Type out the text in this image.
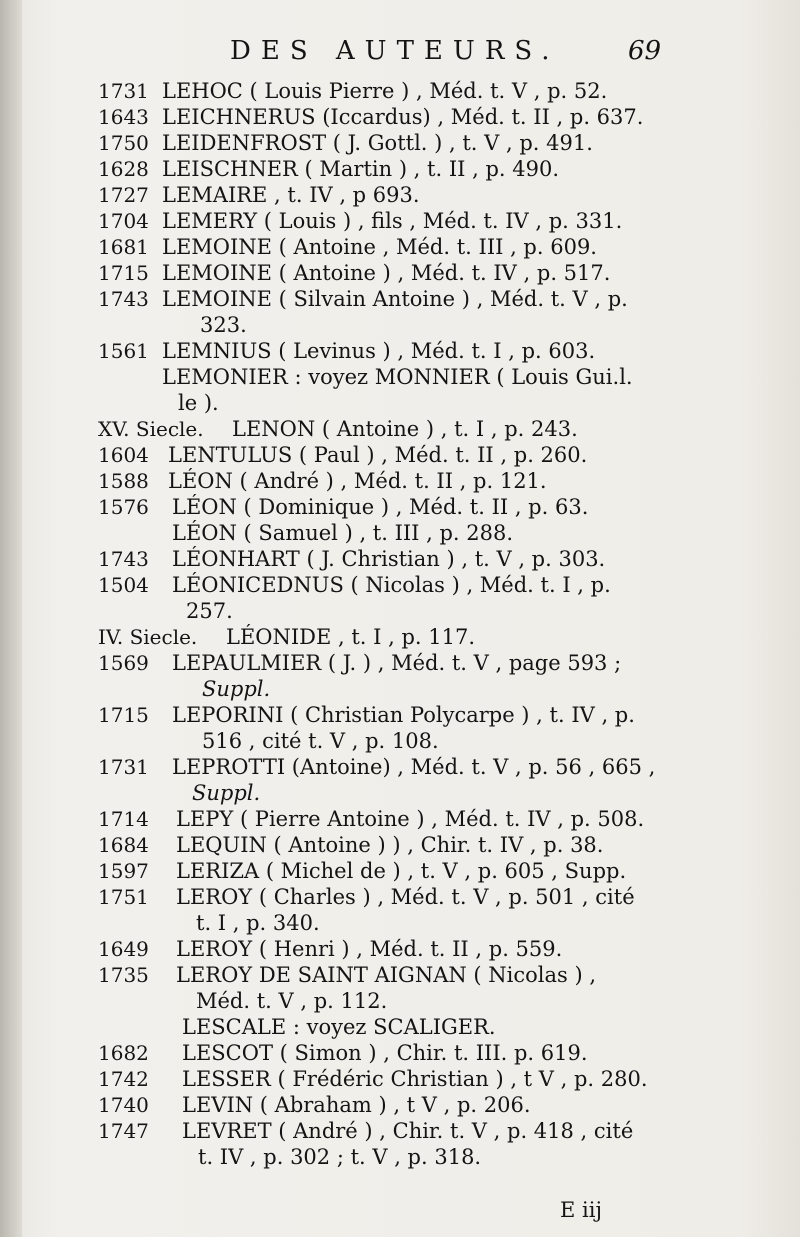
DES AUTEURS.	69
1731 LEHOC ( Louis Pierre ) , Méd. t. V , p. 52.
1643 LEICHNERUS (Iccardus) , Méd. t. II , p. 637.
1750 LEIDENFROST ( J. Gottl. ) , t. V , p. 491.
1628 LEISCHNER ( Martin ) , t. II , p. 490.
1727 LEMAIRE , t. IV , p 693.
1704 LEMERY ( Louis ) , fils , Méd. t. IV , p. 331.
1681 LEMOINE ( Antoine , Méd. t. III , p. 609.
1715 LEMOINE ( Antoine ) , Méd. t. IV , p. 517.
1743 LEMOINE ( Silvain Antoine ) , Méd. t. V , p.
323.
1561 LEMNIUS ( Levinus ) , Méd. t. I , p. 603.
LEMONIER : voyez MONNIER ( Louis Gui.l.
le ).
XV. Siecle.	LENON ( Antoine ) , t. I , p. 243.
1604 LENTULUS ( Paul ) , Méd. t. II , p. 260.
1588 LÉON ( André ) , Méd. t. II , p. 121.
1576	LÉON ( Dominique ) , Méd. t. II , p. 63.
LÉON ( Samuel ) , t. III , p. 288.
1743	LÉONHART ( J. Christian ) , t. V , p. 303.
1504	LÉONICEDNUS ( Nicolas ) , Méd. t. I , p.
257.
IV. Siecle.	LÉONIDE , t. I , p. 117.
1569	LEPAULMIER ( J. ) , Méd. t. V , page 593 ;
Suppl.
1715	LEPORINI ( Christian Polycarpe ) , t. IV , p.
516 , cité t. V , p. 108.
1731	LEPROTTI (Antoine) , Méd. t. V , p. 56 , 665 ,
Suppl.
1714	LEPY ( Pierre Antoine ) , Méd. t. IV , p. 508.
1684	LEQUIN ( Antoine ) ) , Chir. t. IV , p. 38.
1597	LERIZA ( Michel de ) , t. V , p. 605 , Supp.
1751	LEROY ( Charles ) , Méd. t. V , p. 501 , cité
t. I , p. 340.
1649	LEROY ( Henri ) , Méd. t. II , p. 559.
1735	LEROY DE SAINT AIGNAN ( Nicolas ) ,
Méd. t. V , p. 112.
LESCALE : voyez SCALIGER.
1682	LESCOT ( Simon ) , Chir. t. III. p. 619.
1742	LESSER ( Frédéric Christian ) , t V , p. 280.
1740	LEVIN ( Abraham ) , t V , p. 206.
1747	LEVRET ( André ) , Chir. t. V , p. 418 , cité
t. IV , p. 302 ; t. V , p. 318.
E iij
